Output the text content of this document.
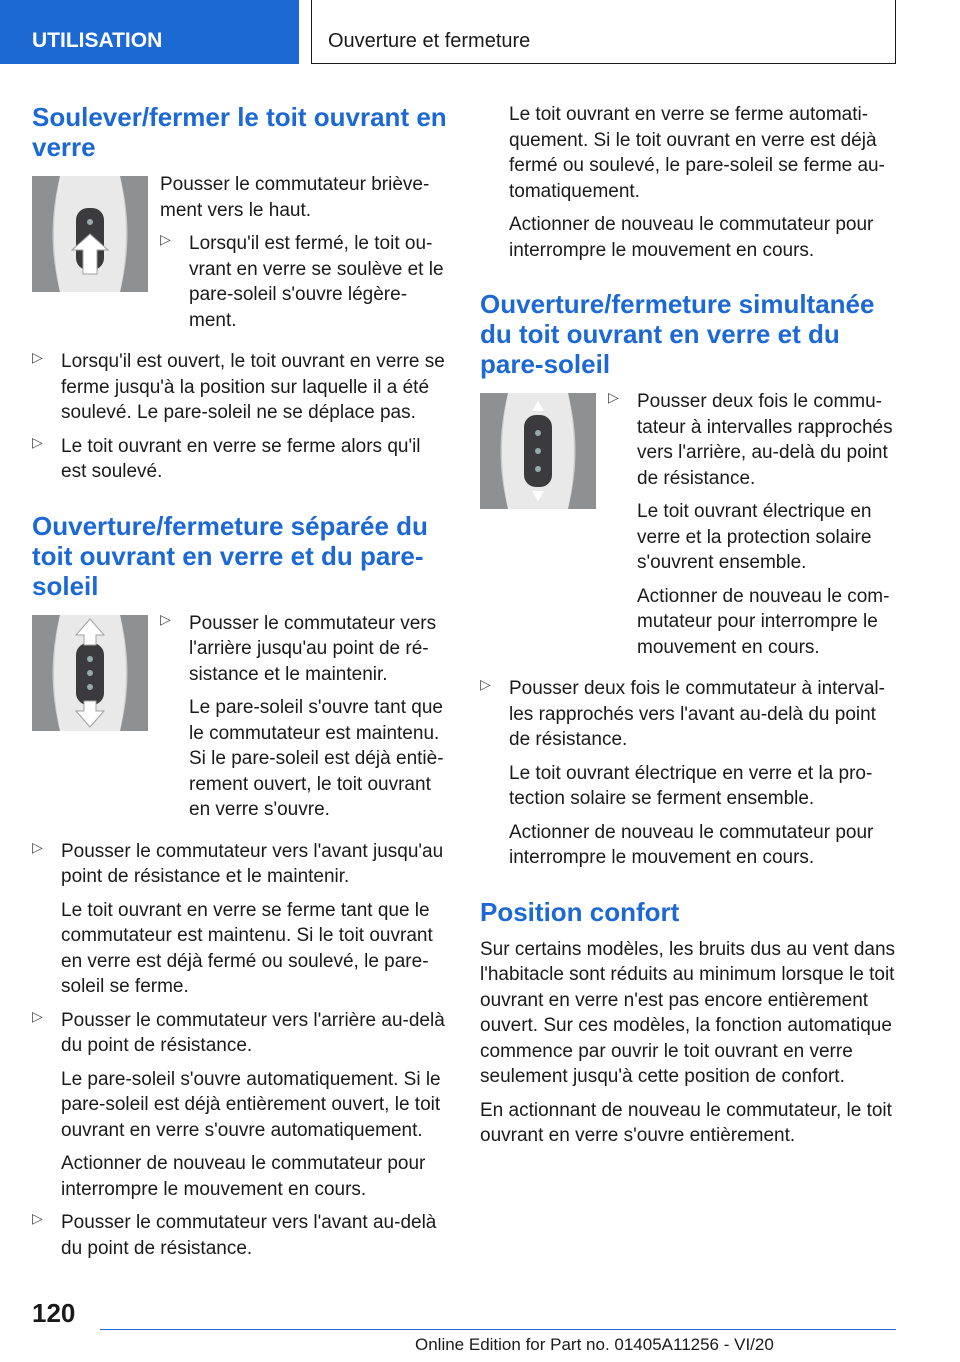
UTILISATION	Ouverture et fermeture
Soulever/fermer le toit ouvrant en verre

Pousser le commutateur brièvement vers le haut.

▷ Lorsqu'il est fermé, le toit ouvrant en verre se soulève et le pare-soleil s'ouvre légèrement.

▷ Lorsqu'il est ouvert, le toit ouvrant en verre se ferme jusqu'à la position sur laquelle il a été soulevé. Le pare-soleil ne se déplace pas.

▷ Le toit ouvrant en verre se ferme alors qu'il est soulevé.

Ouverture/fermeture séparée du toit ouvrant en verre et du pare-soleil

▷ Pousser le commutateur vers l'arrière jusqu'au point de résistance et le maintenir.

Le pare-soleil s'ouvre tant que le commutateur est maintenu. Si le pare-soleil est déjà entièrement ouvert, le toit ouvrant en verre s'ouvre.

▷ Pousser le commutateur vers l'avant jusqu'au point de résistance et le maintenir.

Le toit ouvrant en verre se ferme tant que le commutateur est maintenu. Si le toit ouvrant en verre est déjà fermé ou soulevé, le pare-soleil se ferme.

▷ Pousser le commutateur vers l'arrière au-delà du point de résistance.

Le pare-soleil s'ouvre automatiquement. Si le pare-soleil est déjà entièrement ouvert, le toit ouvrant en verre s'ouvre automatiquement.

Actionner de nouveau le commutateur pour interrompre le mouvement en cours.

▷ Pousser le commutateur vers l'avant au-delà du point de résistance.

Le toit ouvrant en verre se ferme automatiquement. Si le toit ouvrant en verre est déjà fermé ou soulevé, le pare-soleil se ferme automatiquement.

Actionner de nouveau le commutateur pour interrompre le mouvement en cours.

Ouverture/fermeture simultanée du toit ouvrant en verre et du pare-soleil

▷ Pousser deux fois le commutateur à intervalles rapprochés vers l'arrière, au-delà du point de résistance.

Le toit ouvrant électrique en verre et la protection solaire s'ouvrent ensemble.

Actionner de nouveau le commutateur pour interrompre le mouvement en cours.

▷ Pousser deux fois le commutateur à intervalles rapprochés vers l'avant au-delà du point de résistance.

Le toit ouvrant électrique en verre et la protection solaire se ferment ensemble.

Actionner de nouveau le commutateur pour interrompre le mouvement en cours.

Position confort

Sur certains modèles, les bruits dus au vent dans l'habitacle sont réduits au minimum lorsque le toit ouvrant en verre n'est pas encore entièrement ouvert. Sur ces modèles, la fonction automatique commence par ouvrir le toit ouvrant en verre seulement jusqu'à cette position de confort.

En actionnant de nouveau le commutateur, le toit ouvrant en verre s'ouvre entièrement.

120
Online Edition for Part no. 01405A11256 - VI/20
